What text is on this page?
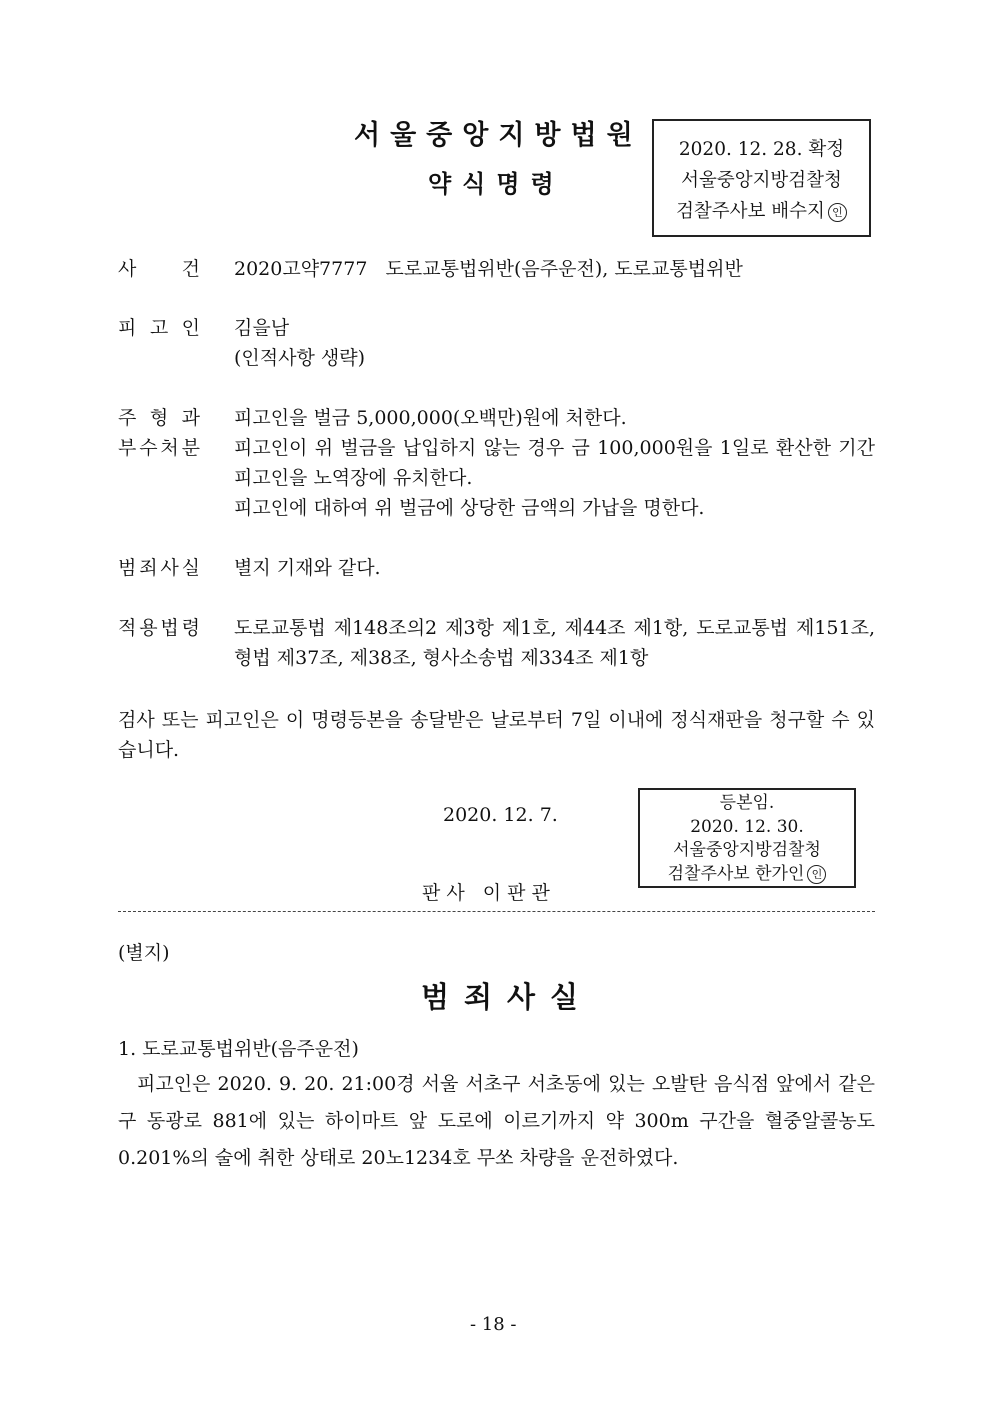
서울중앙지방법원
약식명령
2020. 12. 28. 확정
서울중앙지방검찰청
검찰주사보 배수지 인
사 건 2020고약7777   도로교통법위반(음주운전), 도로교통법위반
피 고 인 김을남
(인적사항 생략)
주 형 과 피고인을 벌금 5,000,000(오백만)원에 처한다.
부 수 처 분 피고인이 위 벌금을 납입하지 않는 경우 금 100,000원을 1일로 환산한 기간 피고인을 노역장에 유치한다.
피고인에 대하여 위 벌금에 상당한 금액의 가납을 명한다.
범 죄 사 실 별지 기재와 같다.
적 용 법 령 도로교통법 제148조의2 제3항 제1호, 제44조 제1항, 도로교통법 제151조, 형법 제37조, 제38조, 형사소송법 제334조 제1항
검사 또는 피고인은 이 명령등본을 송달받은 날로부터 7일 이내에 정식재판을 청구할 수 있습니다.
2020. 12. 7.
등본임.
2020. 12. 30.
서울중앙지방검찰청
검찰주사보 한가인 인
판사 이판관
(별지)
범죄사실
1. 도로교통법위반(음주운전)
피고인은 2020. 9. 20. 21:00경 서울 서초구 서초동에 있는 오발탄 음식점 앞에서 같은 구 동광로 881에 있는 하이마트 앞 도로에 이르기까지 약 300m 구간을 혈중알콜농도 0.201%의 술에 취한 상태로 20노1234호 무쏘 차량을 운전하였다.
- 18 -
